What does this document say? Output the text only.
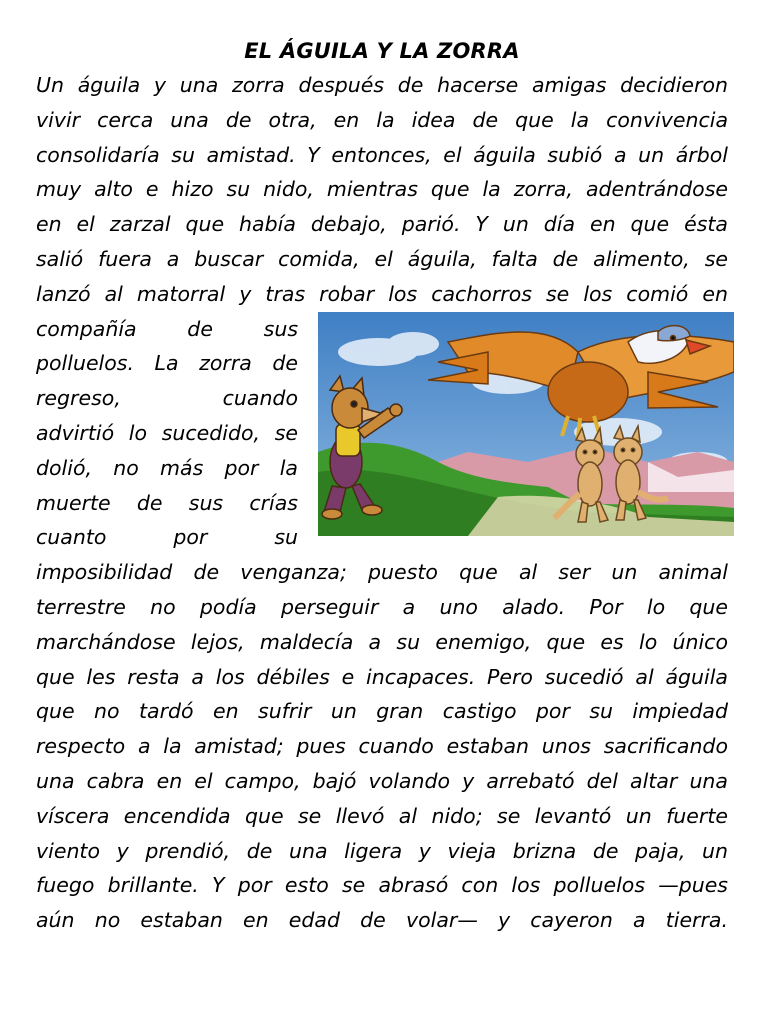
EL ÁGUILA Y LA ZORRA

Un águila y una zorra después de hacerse amigas decidieron

vivir cerca una de otra, en la idea de que la convivencia

consolidaría su amistad. Y entonces, el águila subió a un árbol

muy alto e hizo su nido, mientras que la zorra, adentrándose

en el zarzal que había debajo, parió. Y un día en que ésta

salió fuera a buscar comida, el águila, falta de alimento, se

lanzó al matorral y tras robar los cachorros se los comió en

compañía de sus

polluelos. La zorra de

regreso, cuando

advirtió lo sucedido, se

dolió, no más por la

muerte de sus crías

cuanto por su

imposibilidad de venganza; puesto que al ser un animal

terrestre no podía perseguir a uno alado. Por lo que

marchándose lejos, maldecía a su enemigo, que es lo único

que les resta a los débiles e incapaces. Pero sucedió al águila

que no tardó en sufrir un gran castigo por su impiedad

respecto a la amistad; pues cuando estaban unos sacrificando

una cabra en el campo, bajó volando y arrebató del altar una

víscera encendida que se llevó al nido; se levantó un fuerte

viento y prendió, de una ligera y vieja brizna de paja, un

fuego brillante. Y por esto se abrasó con los polluelos —pues

aún no estaban en edad de volar— y cayeron a tierra.
